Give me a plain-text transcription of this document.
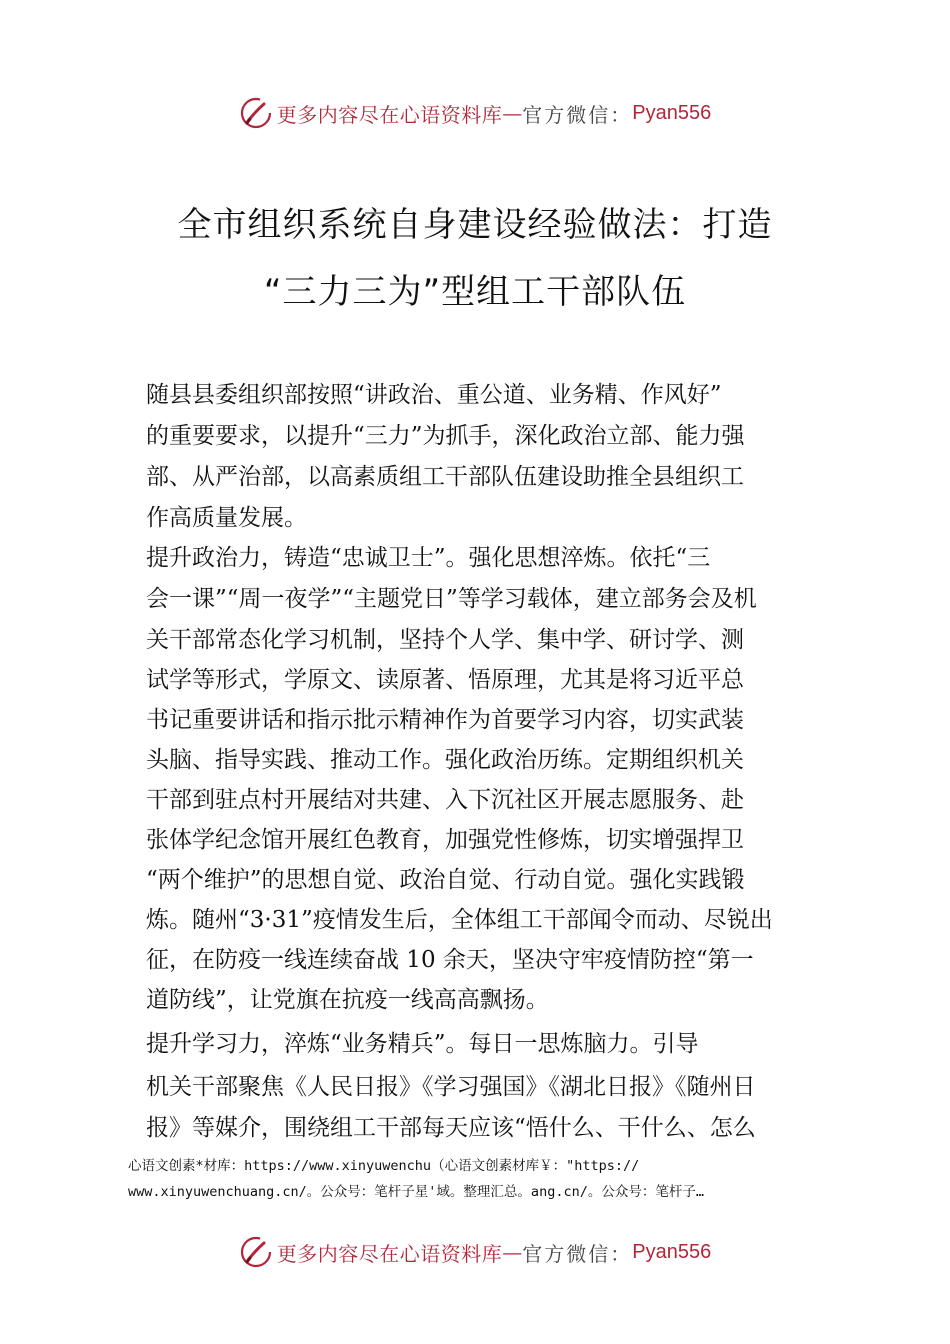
更多内容尽在心语资料库 — 官方微信： Pyan556
全市组织系统自身建设经验做法：打造
“三力三为”型组工干部队伍
随县县委组织部按照“讲政治、重公道、业务精、作风好”
的重要要求，以提升“三力”为抓手，深化政治立部、能力强
部、从严治部，以高素质组工干部队伍建设助推全县组织工
作高质量发展。
提升政治力，铸造“忠诚卫士”。强化思想淬炼。依托“三
会一课”“周一夜学”“主题党日”等学习载体，建立部务会及机
关干部常态化学习机制，坚持个人学、集中学、研讨学、测
试学等形式，学原文、读原著、悟原理，尤其是将习近平总
书记重要讲话和指示批示精神作为首要学习内容，切实武装
头脑、指导实践、推动工作。强化政治历练。定期组织机关
干部到驻点村开展结对共建、入下沉社区开展志愿服务、赴
张体学纪念馆开展红色教育，加强党性修炼，切实增强捍卫
“两个维护”的思想自觉、政治自觉、行动自觉。强化实践锻
炼。随州“3·31”疫情发生后，全体组工干部闻令而动、尽锐出
征，在防疫一线连续奋战 10 余天，坚决守牢疫情防控“第一
道防线”，让党旗在抗疫一线高高飘扬。
提升学习力，淬炼“业务精兵”。每日一思炼脑力。引导
机关干部聚焦《人民日报》《学习强国》《湖北日报》《随州日
报》等媒介，围绕组工干部每天应该“悟什么、干什么、怎么
心语文创素*材库：https://www.xinyuwenchu（心语文创素材库￥："https://
www.xinyuwenchuang.cn/。公众号：笔杆子星'域。整理汇总。ang.cn/。公众号：笔杆子…
更多内容尽在心语资料库 — 官方微信： Pyan556
